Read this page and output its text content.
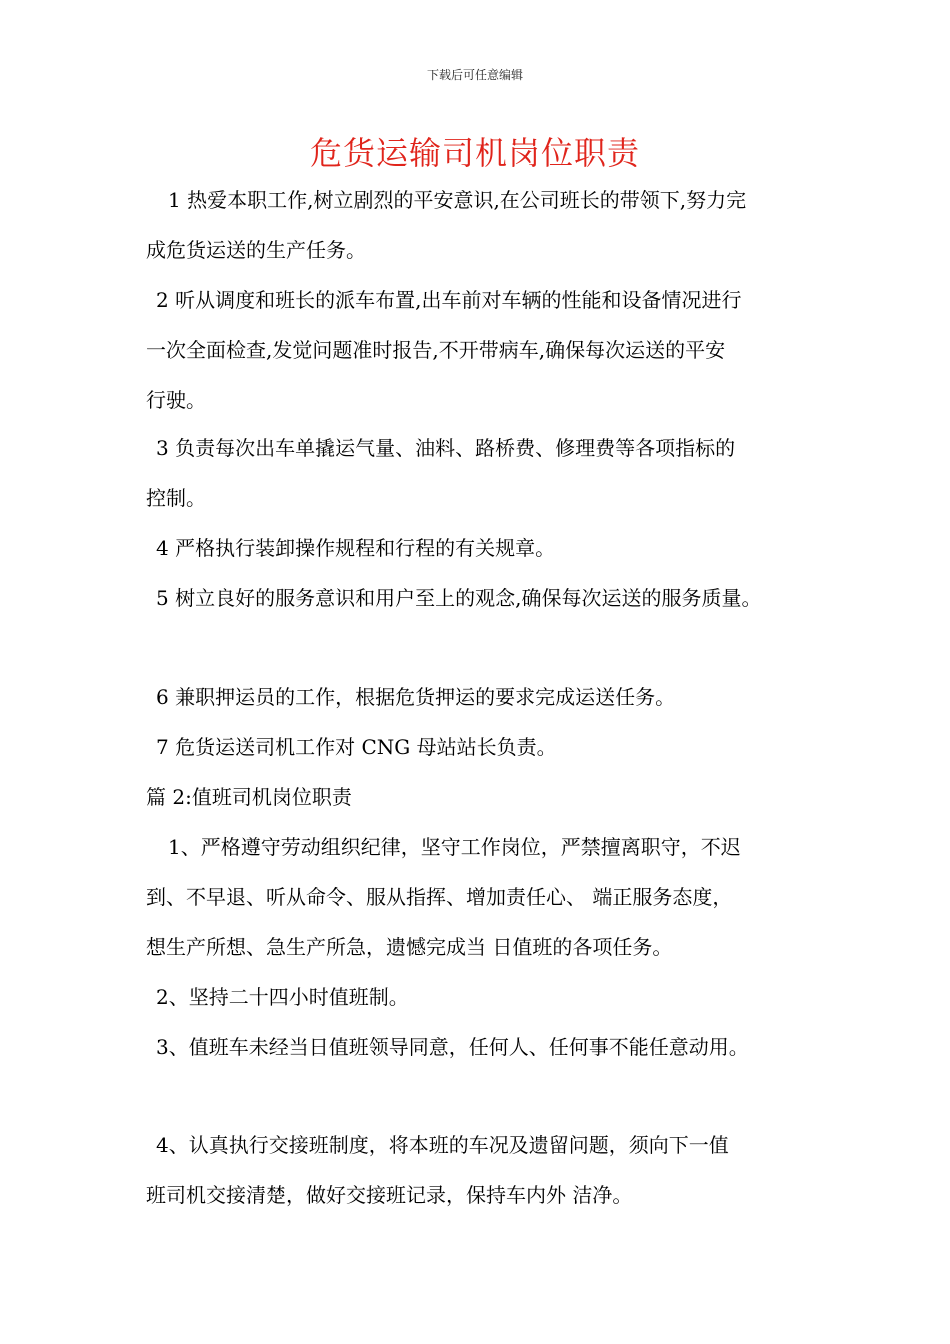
下载后可任意编辑
危货运输司机岗位职责
1 热爱本职工作,树立剧烈的平安意识,在公司班长的带领下,努力完
成危货运送的生产任务。
2 听从调度和班长的派车布置,出车前对车辆的性能和设备情况进行
一次全面检查,发觉问题准时报告,不开带病车,确保每次运送的平安
行驶。
3 负责每次出车单撬运气量、油料、路桥费、修理费等各项指标的
控制。
4 严格执行装卸操作规程和行程的有关规章。
5 树立良好的服务意识和用户至上的观念,确保每次运送的服务质量。
6 兼职押运员的工作，根据危货押运的要求完成运送任务。
7 危货运送司机工作对 CNG 母站站长负责。
篇 2:值班司机岗位职责
1、严格遵守劳动组织纪律，坚守工作岗位，严禁擅离职守，不迟
到、不早退、听从命令、服从指挥、增加责任心、 端正服务态度，
想生产所想、急生产所急，遗憾完成当 日值班的各项任务。
2、坚持二十四小时值班制。
3、值班车未经当日值班领导同意，任何人、任何事不能任意动用。
4、认真执行交接班制度，将本班的车况及遗留问题，须向下一值
班司机交接清楚，做好交接班记录，保持车内外 洁净。
